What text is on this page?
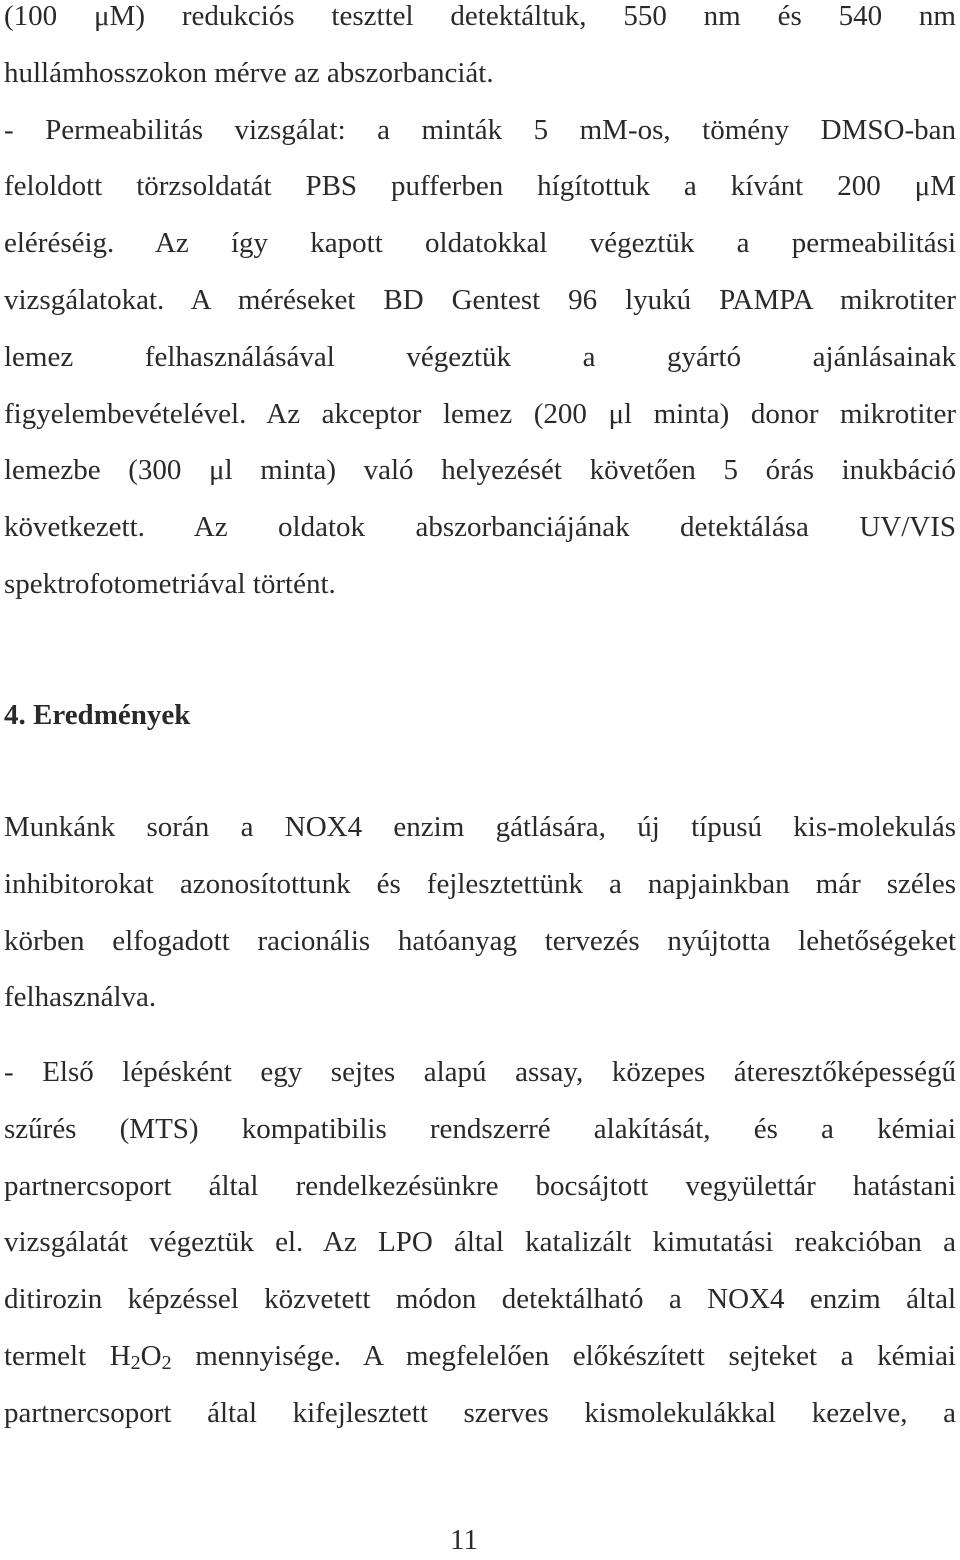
(100 μM) redukciós teszttel detektáltuk, 550 nm és 540 nm
hullámhosszokon mérve az abszorbanciát.
- Permeabilitás vizsgálat: a minták 5 mM-os, tömény DMSO-ban
feloldott törzsoldatát PBS pufferben hígítottuk a kívánt 200 μM
eléréséig. Az így kapott oldatokkal végeztük a permeabilitási
vizsgálatokat. A méréseket BD Gentest 96 lyukú PAMPA mikrotiter
lemez felhasználásával végeztük a gyártó ajánlásainak
figyelembevételével. Az akceptor lemez (200 μl minta) donor mikrotiter
lemezbe (300 μl minta) való helyezését követően 5 órás inukbáció
következett. Az oldatok abszorbanciájának detektálása UV/VIS
spektrofotometriával történt.
4. Eredmények
Munkánk során a NOX4 enzim gátlására, új típusú kis-molekulás
inhibitorokat azonosítottunk és fejlesztettünk a napjainkban már széles
körben elfogadott racionális hatóanyag tervezés nyújtotta lehetőségeket
felhasználva.
- Első lépésként egy sejtes alapú assay, közepes áteresztőképességű
szűrés (MTS) kompatibilis rendszerré alakítását, és a kémiai
partnercsoport által rendelkezésünkre bocsájtott vegyülettár hatástani
vizsgálatát végeztük el. Az LPO által katalizált kimutatási reakcióban a
ditirozin képzéssel közvetett módon detektálható a NOX4 enzim által
termelt $H_2O_2$ mennyisége. A megfelelően előkészített sejteket a kémiai
partnercsoport által kifejlesztett szerves kismolekulákkal kezelve, a
11
